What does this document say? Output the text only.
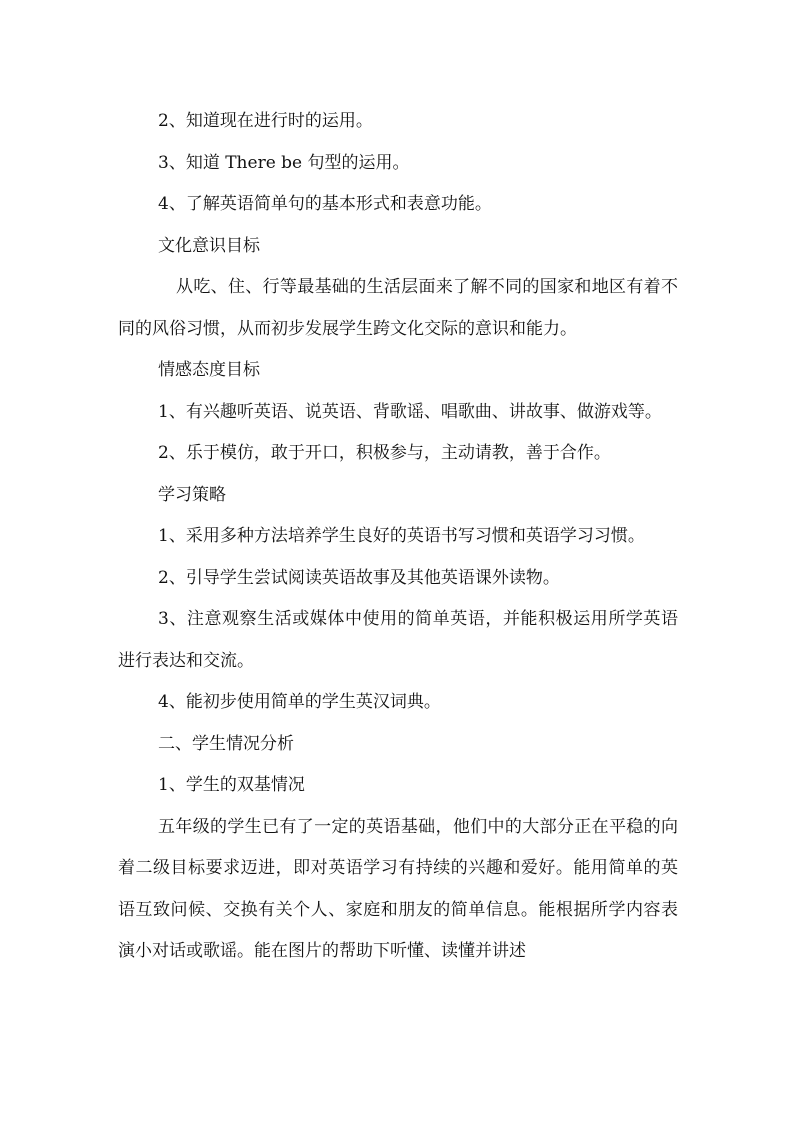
2、知道现在进行时的运用。

3、知道 There be 句型的运用。

4、了解英语简单句的基本形式和表意功能。

文化意识目标

从吃、住、行等最基础的生活层面来了解不同的国家和地区有着不同的风俗习惯，从而初步发展学生跨文化交际的意识和能力。

情感态度目标

1、有兴趣听英语、说英语、背歌谣、唱歌曲、讲故事、做游戏等。

2、乐于模仿，敢于开口，积极参与，主动请教，善于合作。

学习策略

1、采用多种方法培养学生良好的英语书写习惯和英语学习习惯。

2、引导学生尝试阅读英语故事及其他英语课外读物。

3、注意观察生活或媒体中使用的简单英语，并能积极运用所学英语进行表达和交流。

4、能初步使用简单的学生英汉词典。

二、学生情况分析

1、学生的双基情况

五年级的学生已有了一定的英语基础，他们中的大部分正在平稳的向着二级目标要求迈进，即对英语学习有持续的兴趣和爱好。能用简单的英语互致问候、交换有关个人、家庭和朋友的简单信息。能根据所学内容表演小对话或歌谣。能在图片的帮助下听懂、读懂并讲述
